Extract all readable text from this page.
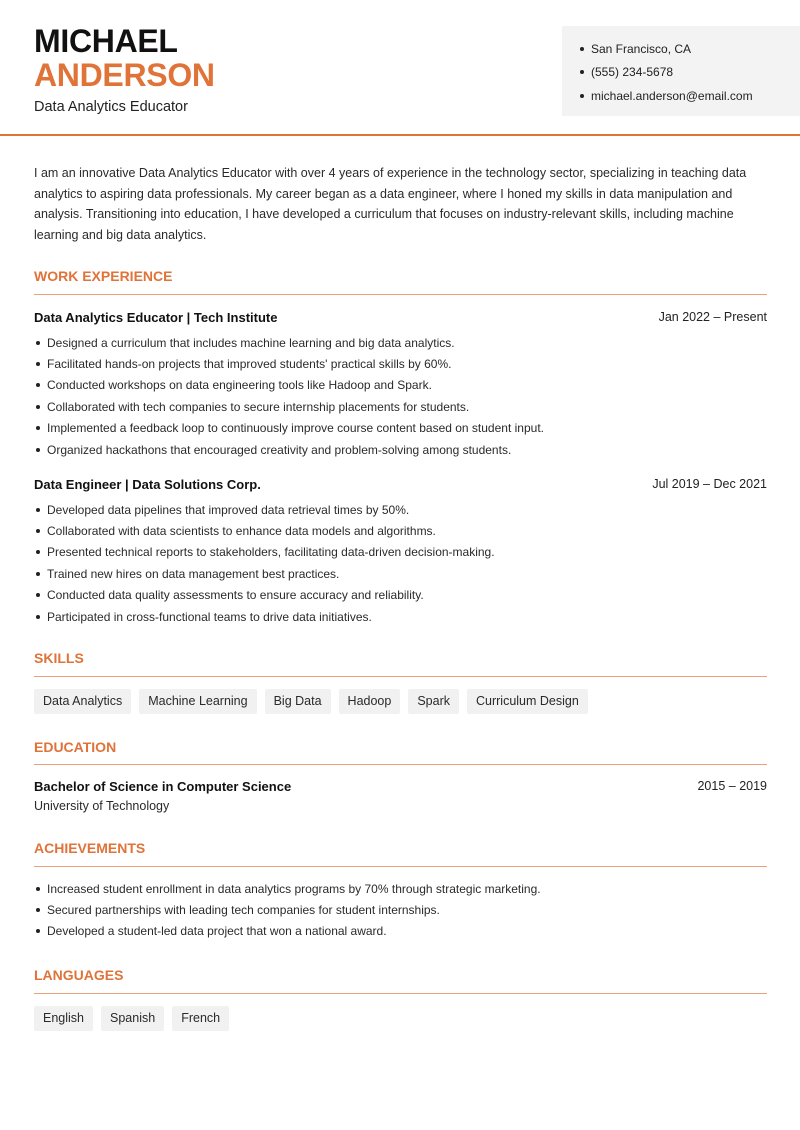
MICHAEL
ANDERSON
Data Analytics Educator
San Francisco, CA
(555) 234-5678
michael.anderson@email.com
I am an innovative Data Analytics Educator with over 4 years of experience in the technology sector, specializing in teaching data analytics to aspiring data professionals. My career began as a data engineer, where I honed my skills in data manipulation and analysis. Transitioning into education, I have developed a curriculum that focuses on industry-relevant skills, including machine learning and big data analytics.
WORK EXPERIENCE
Data Analytics Educator | Tech Institute	Jan 2022 – Present
Designed a curriculum that includes machine learning and big data analytics.
Facilitated hands-on projects that improved students' practical skills by 60%.
Conducted workshops on data engineering tools like Hadoop and Spark.
Collaborated with tech companies to secure internship placements for students.
Implemented a feedback loop to continuously improve course content based on student input.
Organized hackathons that encouraged creativity and problem-solving among students.
Data Engineer | Data Solutions Corp.	Jul 2019 – Dec 2021
Developed data pipelines that improved data retrieval times by 50%.
Collaborated with data scientists to enhance data models and algorithms.
Presented technical reports to stakeholders, facilitating data-driven decision-making.
Trained new hires on data management best practices.
Conducted data quality assessments to ensure accuracy and reliability.
Participated in cross-functional teams to drive data initiatives.
SKILLS
Data Analytics	Machine Learning	Big Data	Hadoop	Spark	Curriculum Design
EDUCATION
Bachelor of Science in Computer Science	2015 – 2019
University of Technology
ACHIEVEMENTS
Increased student enrollment in data analytics programs by 70% through strategic marketing.
Secured partnerships with leading tech companies for student internships.
Developed a student-led data project that won a national award.
LANGUAGES
English	Spanish	French
